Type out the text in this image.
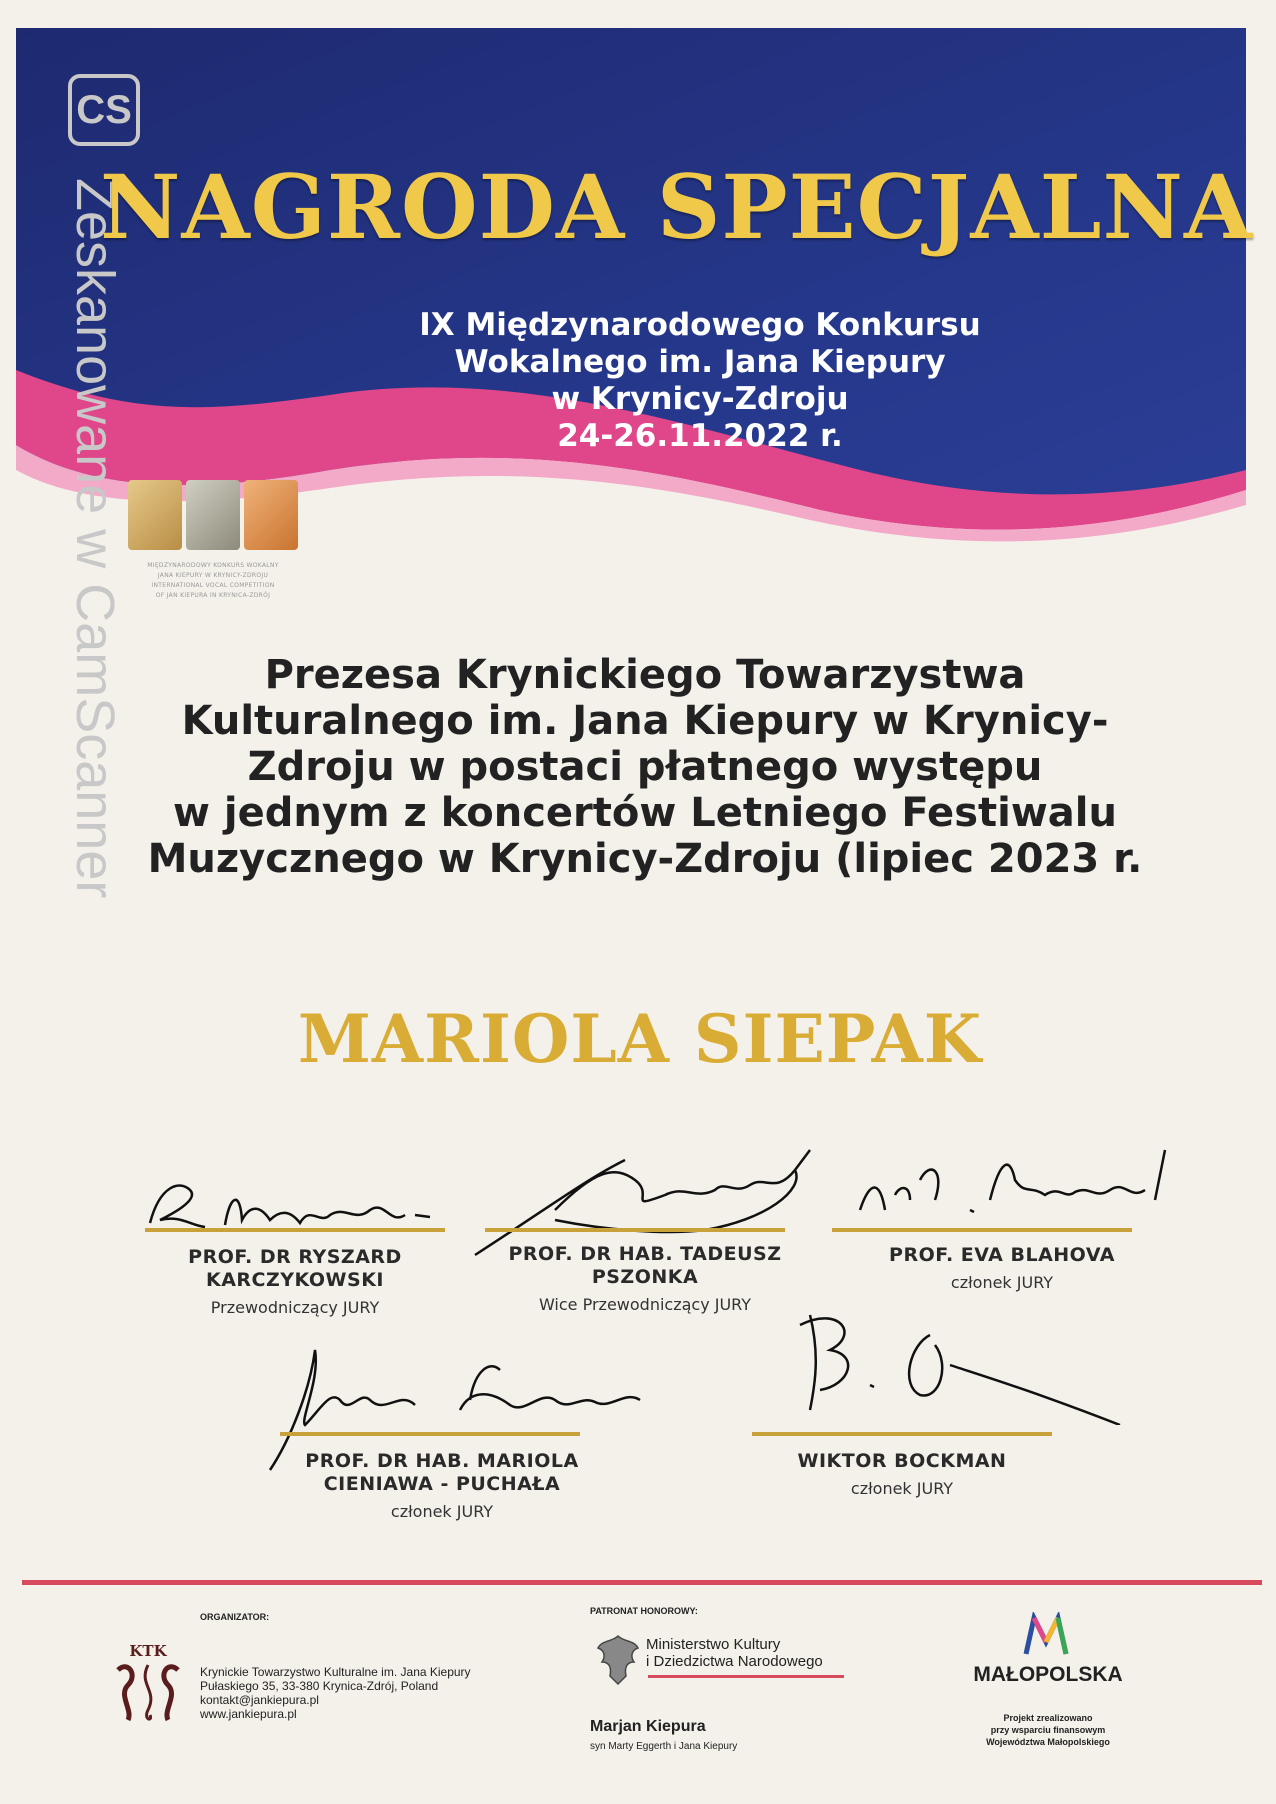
CS
Zeskanowane w CamScanner
NAGRODA SPECJALNA
IX Międzynarodowego Konkursu
Wokalnego im. Jana Kiepury
w Krynicy-Zdroju
24-26.11.2022 r.
MIĘDZYNARODOWY KONKURS WOKALNY
JANA KIEPURY W KRYNICY-ZDROJU
INTERNATIONAL VOCAL COMPETITION
OF JAN KIEPURA IN KRYNICA-ZDRÓJ
Prezesa Krynickiego Towarzystwa
Kulturalnego im. Jana Kiepury w Krynicy-
Zdroju w postaci płatnego występu
w jednym z koncertów Letniego Festiwalu
Muzycznego w Krynicy-Zdroju (lipiec 2023 r.
MARIOLA SIEPAK
PROF. DR RYSZARD
KARCZYKOWSKI
Przewodniczący JURY
PROF. DR HAB. TADEUSZ
PSZONKA
Wice Przewodniczący JURY
PROF. EVA BLAHOVA
członek JURY
PROF. DR HAB. MARIOLA
CIENIAWA - PUCHAŁA
członek JURY
WIKTOR BOCKMAN
członek JURY
ORGANIZATOR:
KTK
Krynickie Towarzystwo Kulturalne im. Jana Kiepury
Pułaskiego 35, 33-380 Krynica-Zdrój, Poland
kontakt@jankiepura.pl
www.jankiepura.pl
PATRONAT HONOROWY:
Ministerstwo Kultury
i Dziedzictwa Narodowego
Marjan Kiepura
syn Marty Eggerth i Jana Kiepury
MAŁOPOLSKA
Projekt zrealizowano
przy wsparciu finansowym
Województwa Małopolskiego
